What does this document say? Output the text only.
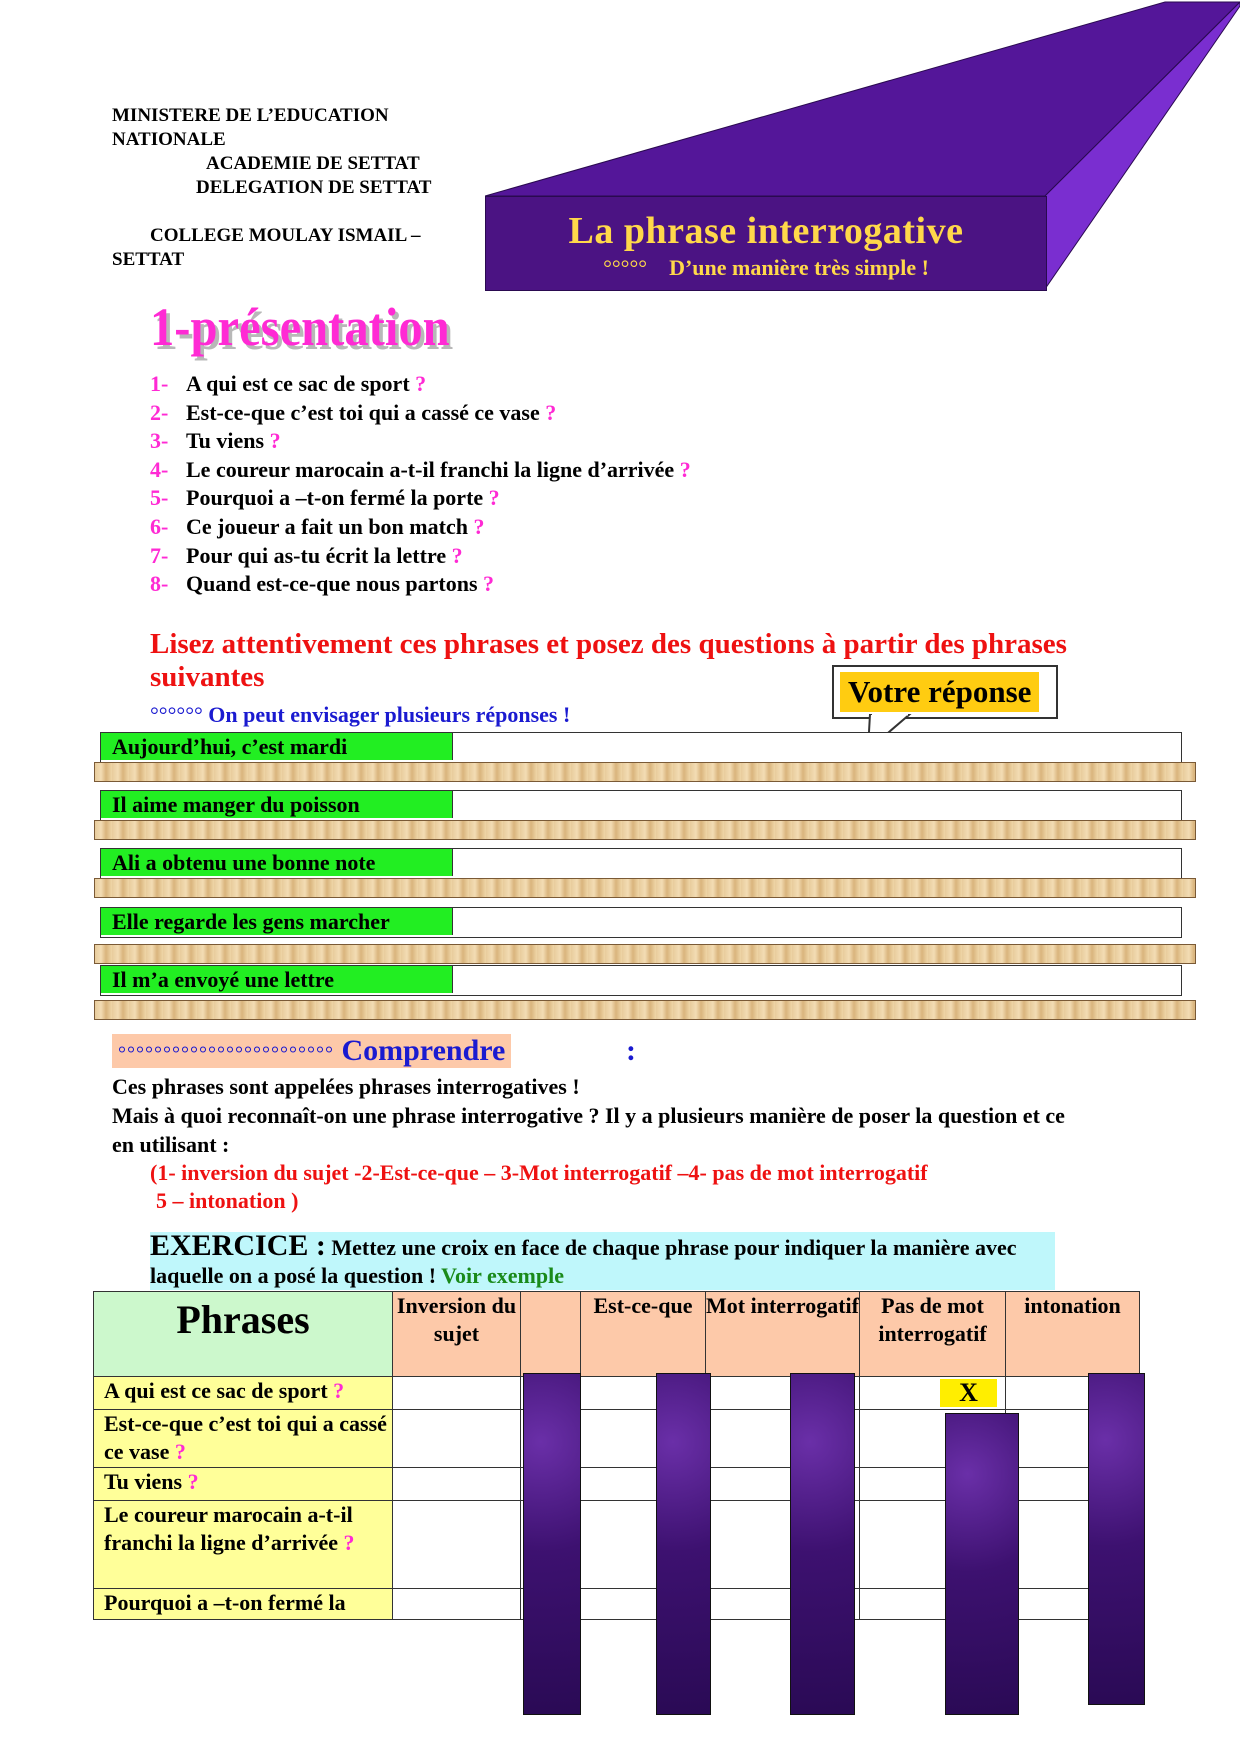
MINISTERE DE L’EDUCATION
NATIONALE
ACADEMIE DE SETTAT
DELEGATION DE SETTAT
COLLEGE MOULAY ISMAIL –
SETTAT
La phrase interrogative
°°°°° D’une manière très simple !
1-présentation
1- A qui est ce sac de sport ?
2- Est-ce-que c’est toi qui a cassé ce vase ?
3- Tu viens ?
4- Le coureur marocain a-t-il franchi la ligne d’arrivée ?
5- Pourquoi a –t-on fermé la porte ?
6- Ce joueur a fait un bon match ?
7- Pour qui as-tu écrit la lettre ?
8- Quand est-ce-que nous partons ?
Lisez attentivement ces phrases et posez des questions à partir des phrases suivantes
°°°°°° On peut envisager plusieurs réponses !
Votre réponse
Aujourd’hui, c’est mardi
Il aime manger du poisson
Ali a obtenu une bonne note
Elle regarde les gens marcher
Il m’a envoyé une lettre
°°°°°°°°°°°°°°°°°°°°°°°° Comprendre	:
Ces phrases sont appelées phrases interrogatives !
Mais à quoi reconnaît-on une phrase interrogative ? Il y a plusieurs manière de poser la question et ce en utilisant :
(1- inversion du sujet -2-Est-ce-que – 3-Mot interrogatif –4- pas de mot interrogatif
5 – intonation )
EXERCICE : Mettez une croix en face de chaque phrase pour indiquer la manière avec laquelle on a posé la question ! Voir exemple
Phrases	Inversion du sujet		Est-ce-que	Mot interrogatif	Pas de mot interrogatif	intonation
A qui est ce sac de sport ?					X	

Est-ce-que c’est toi qui a cassé ce vase ?						
Tu viens ?						
Le coureur marocain a-t-il franchi la ligne d’arrivée ?						
Pourquoi a –t-on fermé la						
